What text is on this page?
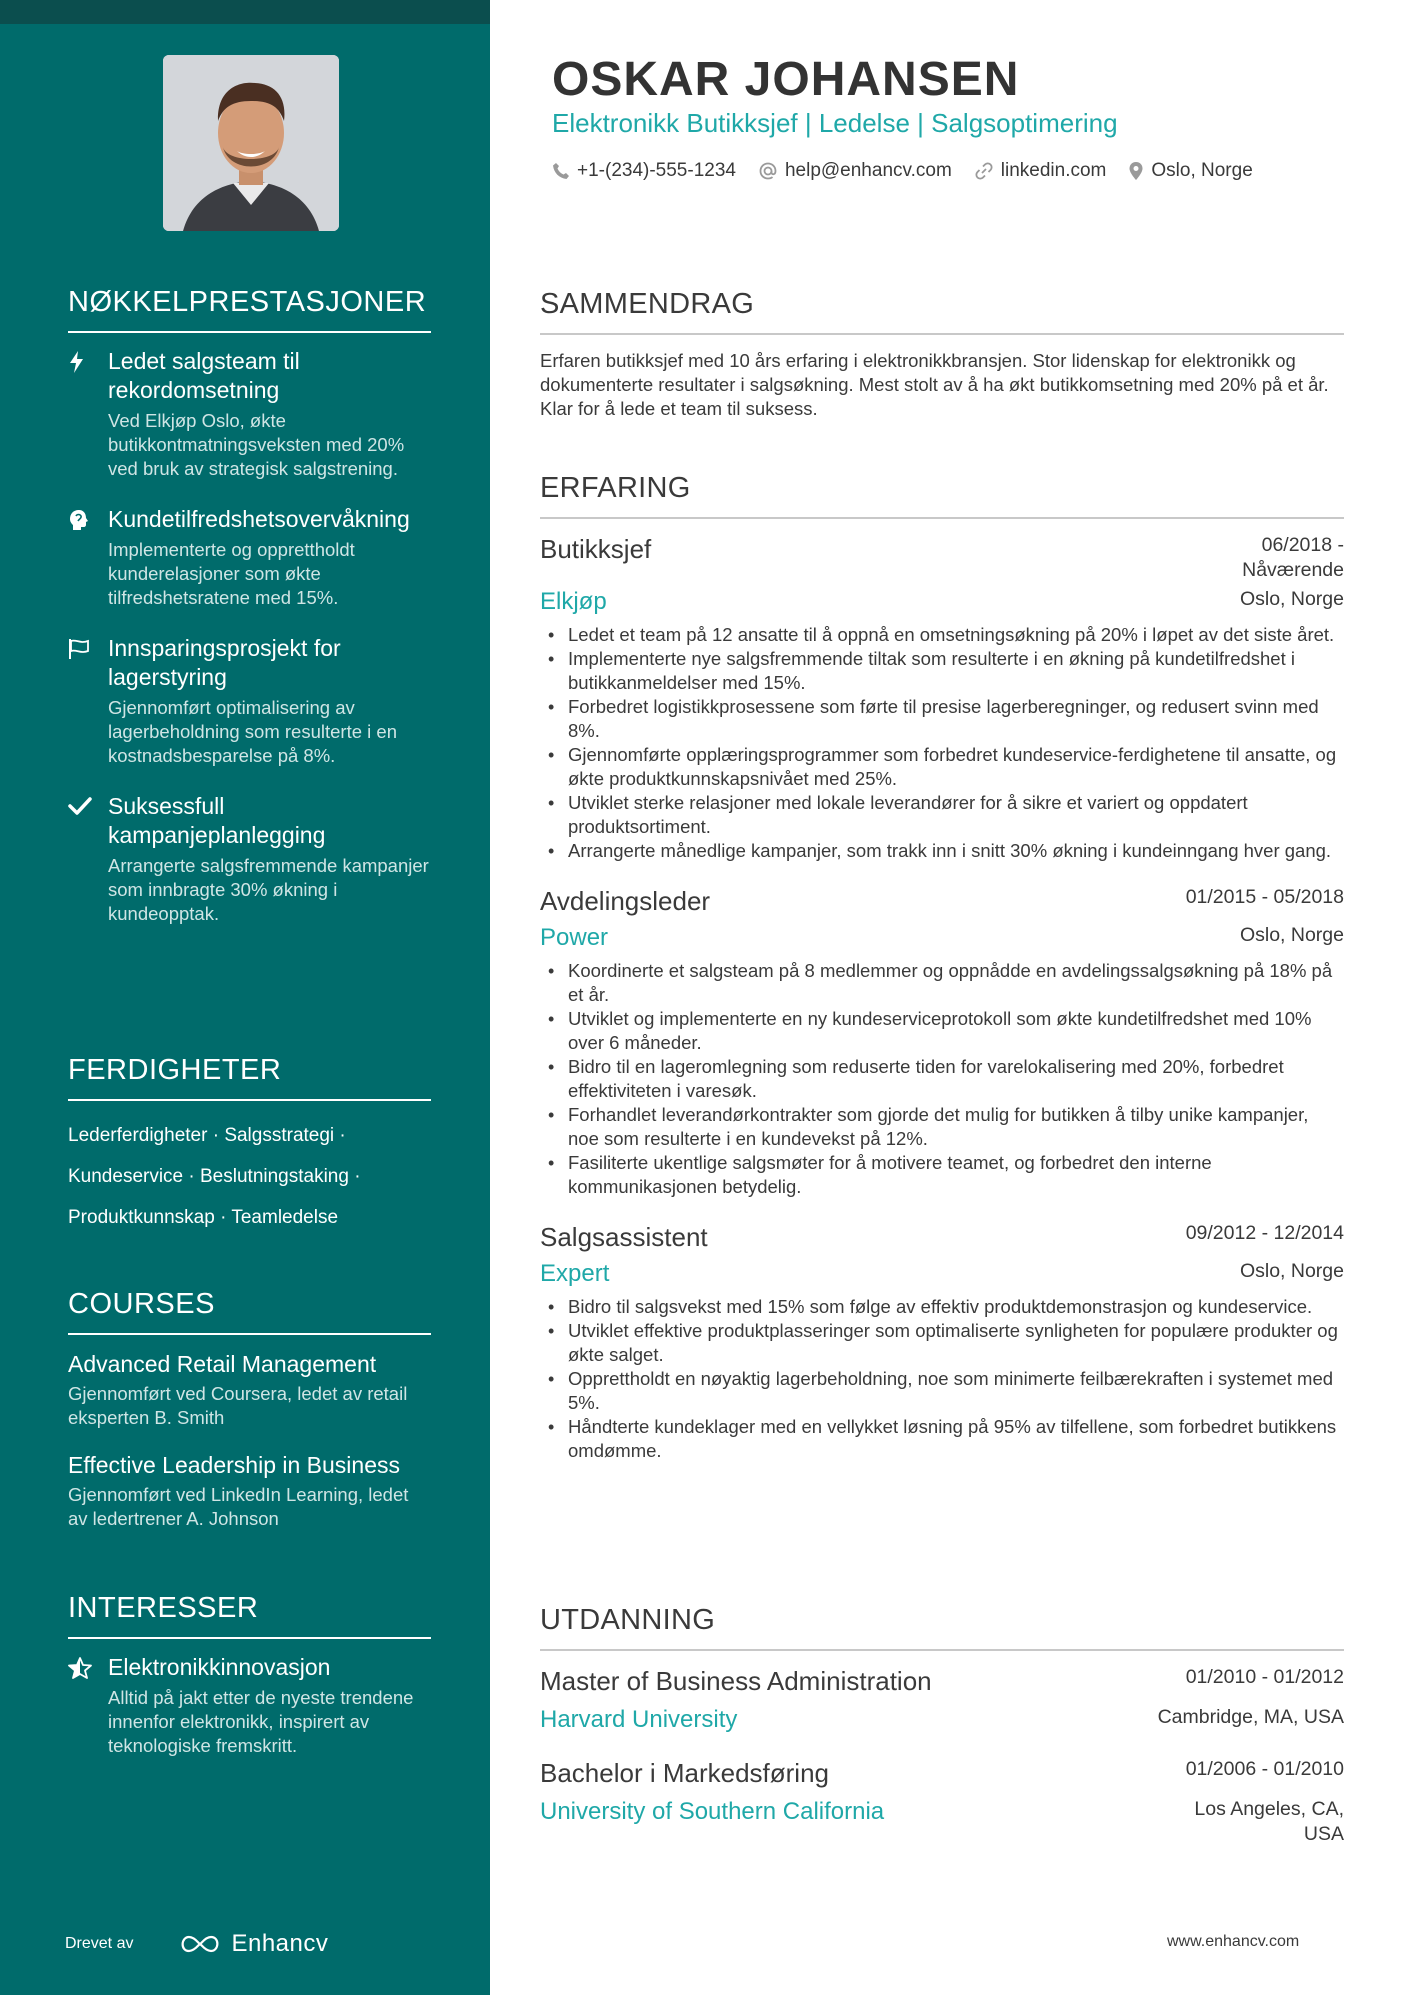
NØKKELPRESTASJONER
Ledet salgsteam til rekordomsetning
Ved Elkjøp Oslo, økte butikkontmatningsveksten med 20% ved bruk av strategisk salgstrening.
Kundetilfredshetsovervåkning
Implementerte og opprettholdt kunderelasjoner som økte tilfredshetsratene med 15%.
Innsparingsprosjekt for lagerstyring
Gjennomført optimalisering av lagerbeholdning som resulterte i en kostnadsbesparelse på 8%.
Suksessfull kampanjeplanlegging
Arrangerte salgsfremmende kampanjer som innbragte 30% økning i kundeopptak.
FERDIGHETER
Lederferdigheter · Salgsstrategi ·
Kundeservice · Beslutningstaking ·
Produktkunnskap · Teamledelse
COURSES
Advanced Retail Management
Gjennomført ved Coursera, ledet av retail eksperten B. Smith
Effective Leadership in Business
Gjennomført ved LinkedIn Learning, ledet av ledertrener A. Johnson
INTERESSER
Elektronikkinnovasjon
Alltid på jakt etter de nyeste trendene innenfor elektronikk, inspirert av teknologiske fremskritt.
Drevet av	Enhancv
OSKAR JOHANSEN
Elektronikk Butikksjef | Ledelse | Salgsoptimering
+1-(234)-555-1234	help@enhancv.com	linkedin.com Oslo, Norge
SAMMENDRAG
Erfaren butikksjef med 10 års erfaring i elektronikkbransjen. Stor lidenskap for elektronikk og dokumenterte resultater i salgsøkning. Mest stolt av å ha økt butikkomsetning med 20% på et år. Klar for å lede et team til suksess.
ERFARING
Butikksjef	06/2018 - Nåværende
Elkjøp	Oslo, Norge
• Ledet et team på 12 ansatte til å oppnå en omsetningsøkning på 20% i løpet av det siste året.
• Implementerte nye salgsfremmende tiltak som resulterte i en økning på kundetilfredshet i butikkanmeldelser med 15%.
• Forbedret logistikkprosessene som førte til presise lagerberegninger, og redusert svinn med 8%.
• Gjennomførte opplæringsprogrammer som forbedret kundeservice-ferdighetene til ansatte, og økte produktkunnskapsnivået med 25%.
• Utviklet sterke relasjoner med lokale leverandører for å sikre et variert og oppdatert produktsortiment.
• Arrangerte månedlige kampanjer, som trakk inn i snitt 30% økning i kundeinngang hver gang.
Avdelingsleder	01/2015 - 05/2018
Power	Oslo, Norge
• Koordinerte et salgsteam på 8 medlemmer og oppnådde en avdelingssalgsøkning på 18% på et år.
• Utviklet og implementerte en ny kundeserviceprotokoll som økte kundetilfredshet med 10% over 6 måneder.
• Bidro til en lageromlegning som reduserte tiden for varelokalisering med 20%, forbedret effektiviteten i varesøk.
• Forhandlet leverandørkontrakter som gjorde det mulig for butikken å tilby unike kampanjer, noe som resulterte i en kundevekst på 12%.
• Fasiliterte ukentlige salgsmøter for å motivere teamet, og forbedret den interne kommunikasjonen betydelig.
Salgsassistent	09/2012 - 12/2014
Expert	Oslo, Norge
• Bidro til salgsvekst med 15% som følge av effektiv produktdemonstrasjon og kundeservice.
• Utviklet effektive produktplasseringer som optimaliserte synligheten for populære produkter og økte salget.
• Opprettholdt en nøyaktig lagerbeholdning, noe som minimerte feilbærekraften i systemet med 5%.
• Håndterte kundeklager med en vellykket løsning på 95% av tilfellene, som forbedret butikkens omdømme.
UTDANNING
Master of Business Administration	01/2010 - 01/2012
Harvard University	Cambridge, MA, USA
Bachelor i Markedsføring	01/2006 - 01/2010
University of Southern California	Los Angeles, CA, USA
www.enhancv.com
